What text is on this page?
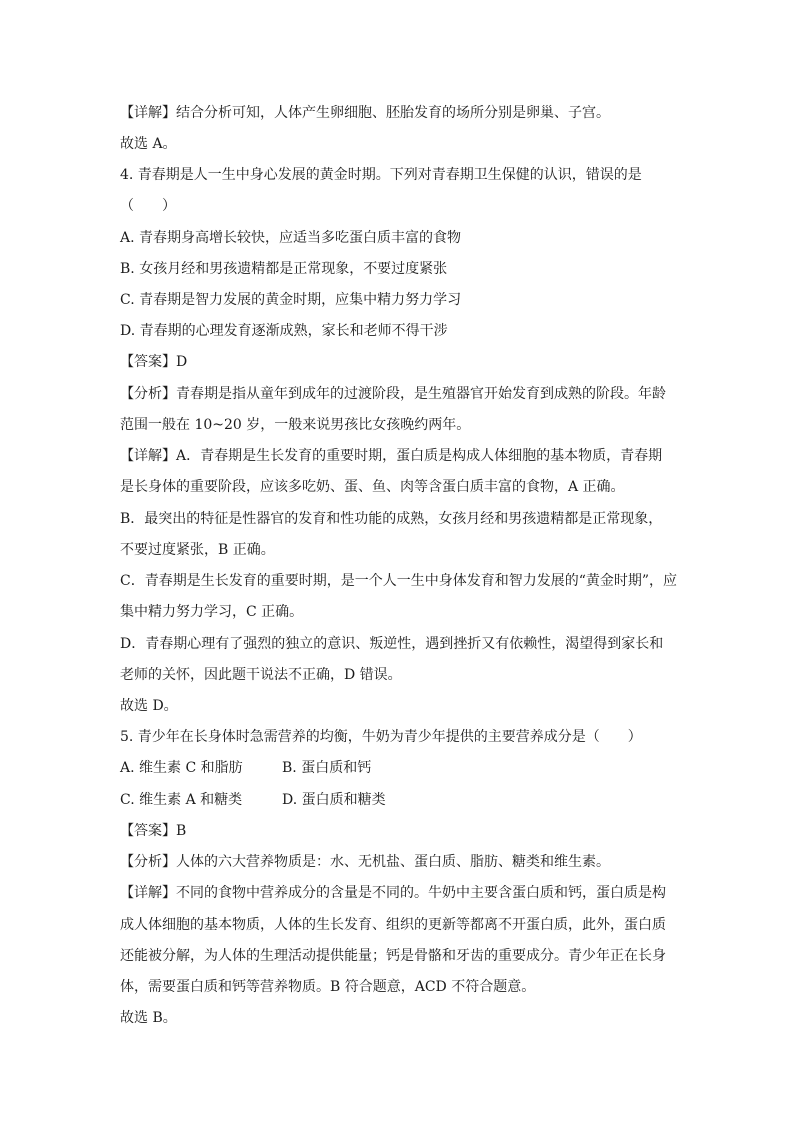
【详解】结合分析可知，人体产生卵细胞、胚胎发育的场所分别是卵巢、子宫。
故选 A。
4. 青春期是人一生中身心发展的黄金时期。下列对青春期卫生保健的认识，错误的是
（　　）
A. 青春期身高增长较快，应适当多吃蛋白质丰富的食物
B. 女孩月经和男孩遗精都是正常现象，不要过度紧张
C. 青春期是智力发展的黄金时期，应集中精力努力学习
D. 青春期的心理发育逐渐成熟，家长和老师不得干涉
【答案】D
【分析】青春期是指从童年到成年的过渡阶段，是生殖器官开始发育到成熟的阶段。年龄
范围一般在 10~20 岁，一般来说男孩比女孩晚约两年。
【详解】A．青春期是生长发育的重要时期，蛋白质是构成人体细胞的基本物质，青春期
是长身体的重要阶段，应该多吃奶、蛋、鱼、肉等含蛋白质丰富的食物，A 正确。
B．最突出的特征是性器官的发育和性功能的成熟，女孩月经和男孩遗精都是正常现象，
不要过度紧张，B 正确。
C．青春期是生长发育的重要时期，是一个人一生中身体发育和智力发展的“黄金时期”，应
集中精力努力学习，C 正确。
D．青春期心理有了强烈的独立的意识、叛逆性，遇到挫折又有依赖性，渴望得到家长和
老师的关怀，因此题干说法不正确，D 错误。
故选 D。
5. 青少年在长身体时急需营养的均衡，牛奶为青少年提供的主要营养成分是（　　）
A. 维生素 C 和脂肪	B. 蛋白质和钙
C. 维生素 A 和糖类	D. 蛋白质和糖类
【答案】B
【分析】人体的六大营养物质是：水、无机盐、蛋白质、脂肪、糖类和维生素。
【详解】不同的食物中营养成分的含量是不同的。牛奶中主要含蛋白质和钙，蛋白质是构
成人体细胞的基本物质，人体的生长发育、组织的更新等都离不开蛋白质，此外，蛋白质
还能被分解，为人体的生理活动提供能量；钙是骨骼和牙齿的重要成分。青少年正在长身
体，需要蛋白质和钙等营养物质。B 符合题意，ACD 不符合题意。
故选 B。
